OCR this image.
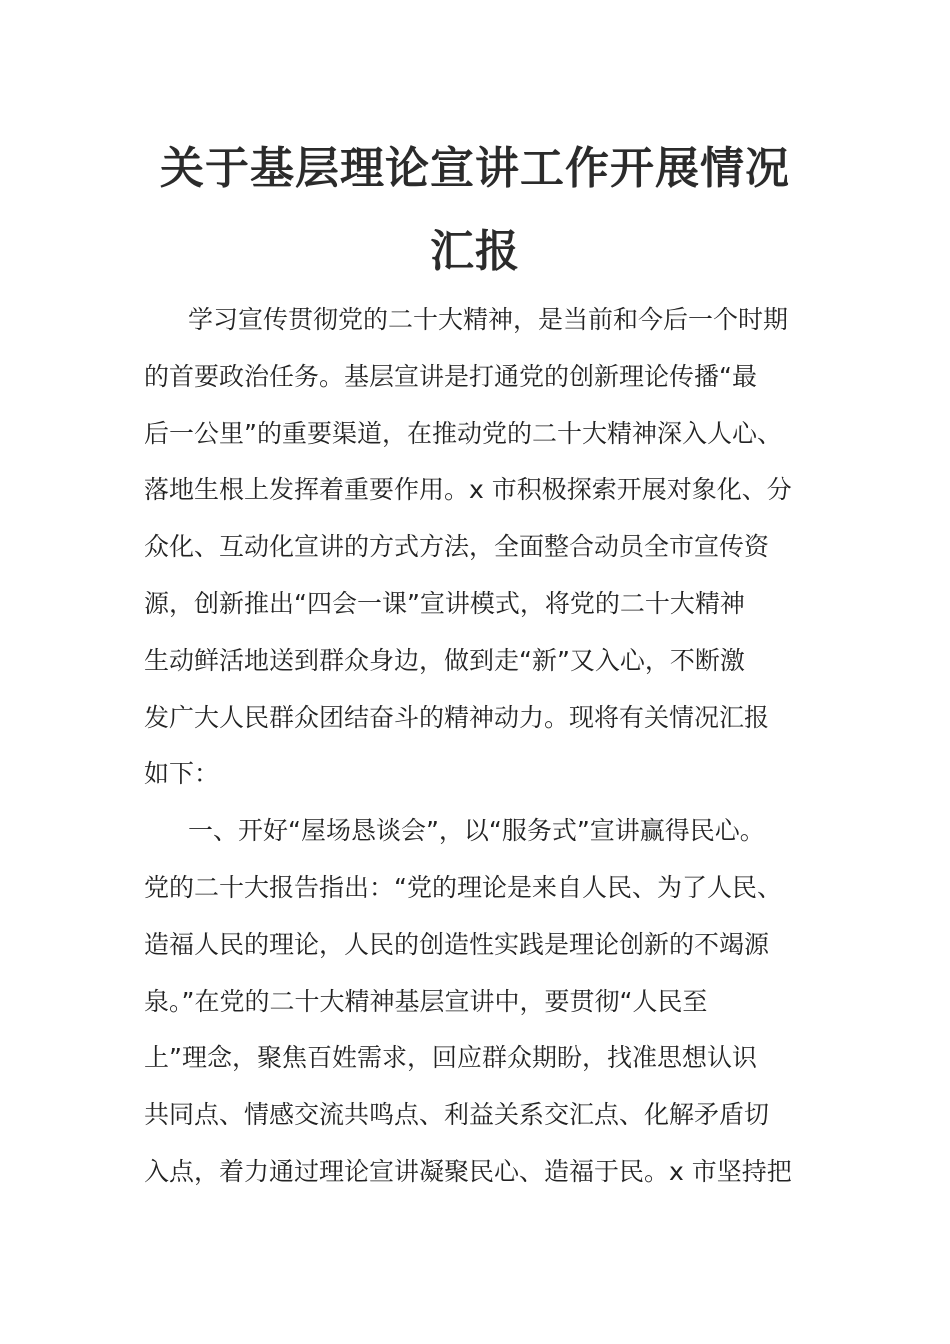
关于基层理论宣讲工作开展情况
汇报
学习宣传贯彻党的二十大精神，是当前和今后一个时期
的首要政治任务。基层宣讲是打通党的创新理论传播“最
后一公里”的重要渠道，在推动党的二十大精神深入人心、
落地生根上发挥着重要作用。x 市积极探索开展对象化、分
众化、互动化宣讲的方式方法，全面整合动员全市宣传资
源，创新推出“四会一课”宣讲模式，将党的二十大精神
生动鲜活地送到群众身边，做到走“新”又入心，不断激
发广大人民群众团结奋斗的精神动力。现将有关情况汇报
如下：
一、开好“屋场恳谈会”，以“服务式”宣讲赢得民心。
党的二十大报告指出：“党的理论是来自人民、为了人民、
造福人民的理论，人民的创造性实践是理论创新的不竭源
泉。”在党的二十大精神基层宣讲中，要贯彻“人民至
上”理念，聚焦百姓需求，回应群众期盼，找准思想认识
共同点、情感交流共鸣点、利益关系交汇点、化解矛盾切
入点，着力通过理论宣讲凝聚民心、造福于民。x 市坚持把
